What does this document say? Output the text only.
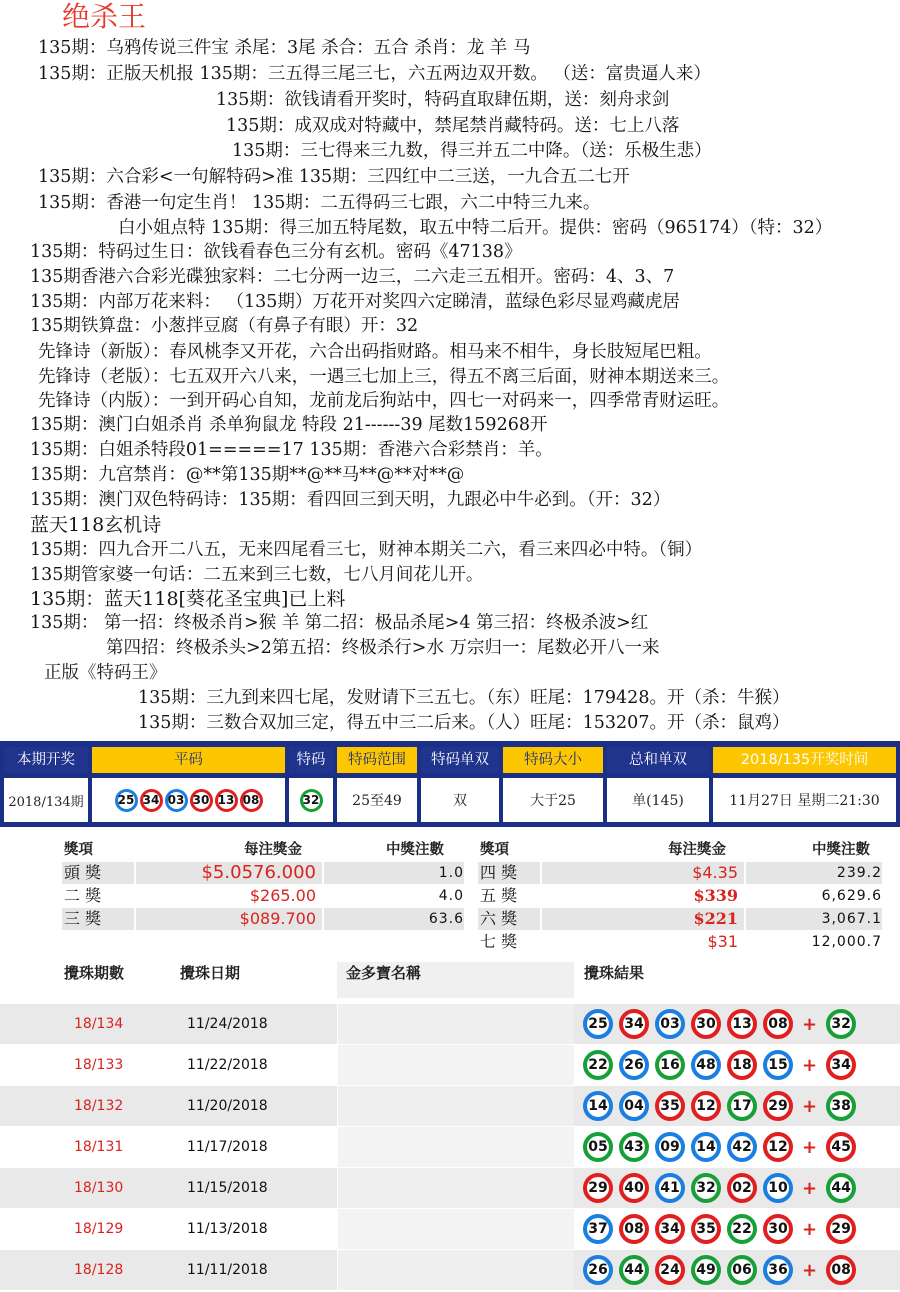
绝杀王
135期：乌鸦传说三件宝 杀尾：3尾 杀合：五合 杀肖：龙 羊 马
135期：正版天机报 135期：三五得三尾三七，六五两边双开数。 （送：富贵逼人来）
135期：欲钱请看开奖时，特码直取肆伍期，送：刻舟求剑
135期：成双成对特藏中，禁尾禁肖藏特码。送：七上八落
135期：三七得来三九数，得三并五二中降。（送：乐极生悲）
135期：六合彩<一句解特码>准 135期：三四红中二三送，一九合五二七开
135期：香港一句定生肖！ 135期：二五得码三七跟，六二中特三九来。
白小姐点特 135期：得三加五特尾数，取五中特二后开。提供：密码（965174）（特：32）
135期：特码过生日：欲钱看春色三分有玄机。密码《47138》
135期香港六合彩光碟独家料：二七分两一边三，二六走三五相开。密码：4、3、7
135期：内部万花来料： （135期）万花开对奖四六定睇清，蓝绿色彩尽显鸡藏虎居
135期铁算盘：小葱拌豆腐（有鼻子有眼）开：32
先锋诗（新版）：春风桃李又开花，六合出码指财路。相马来不相牛，身长肢短尾巴粗。
先锋诗（老版）：七五双开六八来，一遇三七加上三，得五不离三后面，财神本期送来三。
先锋诗（内版）：一到开码心自知，龙前龙后狗站中，四七一对码来一，四季常青财运旺。
135期：澳门白姐杀肖 杀单狗鼠龙 特段 21------39 尾数159268开
135期：白姐杀特段01=====17 135期：香港六合彩禁肖：羊。
135期：九宫禁肖：@**第135期**@**马**@**对**@
135期：澳门双色特码诗：135期：看四回三到天明，九跟必中牛必到。（开：32）
蓝天118玄机诗
135期：四九合开二八五，无来四尾看三七，财神本期关二六，看三来四必中特。（铜）
135期管家婆一句话：二五来到三七数，七八月间花儿开。
135期：蓝天118[葵花圣宝典]已上料
135期： 第一招：终极杀肖>猴 羊 第二招：极品杀尾>4 第三招：终极杀波>红
第四招：终极杀头>2第五招：终极杀行>水 万宗归一：尾数必开八一来
正版《特码王》
135期：三九到来四七尾，发财请下三五七。（东）旺尾：179428。开（杀：牛猴）
135期：三数合双加三定，得五中三二后来。（人）旺尾：153207。开（杀：鼠鸡）
本期开奖	平码	特码	特码范围	特码单双	特码大小	总和单双	2018/135开奖时间
2018/134期	25 34 03 30 13 08	32	25至49	双	大于25	单(145)	11月27日 星期二21:30
獎項	每注獎金	中獎注數
頭 獎	$5.0576.000	1.0
二 獎	$265.00	4.0
三 獎	$089.700	63.6
獎項	每注獎金	中獎注數
四 獎	$4.35	239.2
五 獎	$339	6,629.6
六 獎	$221	3,067.1
七 獎	$31	12,000.7
攪珠期數	攪珠日期	金多寶名稱	攪珠結果
18/134	11/24/2018	25	34	03	30	13	08 +	32
18/133	11/22/2018	22	26	16	48	18	15 +	34
18/132	11/20/2018	14	04	35	12	17	29 +	38
18/131	11/17/2018	05	43	09	14	42	12 +	45
18/130	11/15/2018	29	40	41	32	02	10 +	44
18/129	11/13/2018	37	08	34	35	22	30 +	29
18/128	11/11/2018	26	44	24	49	06	36 +	08
